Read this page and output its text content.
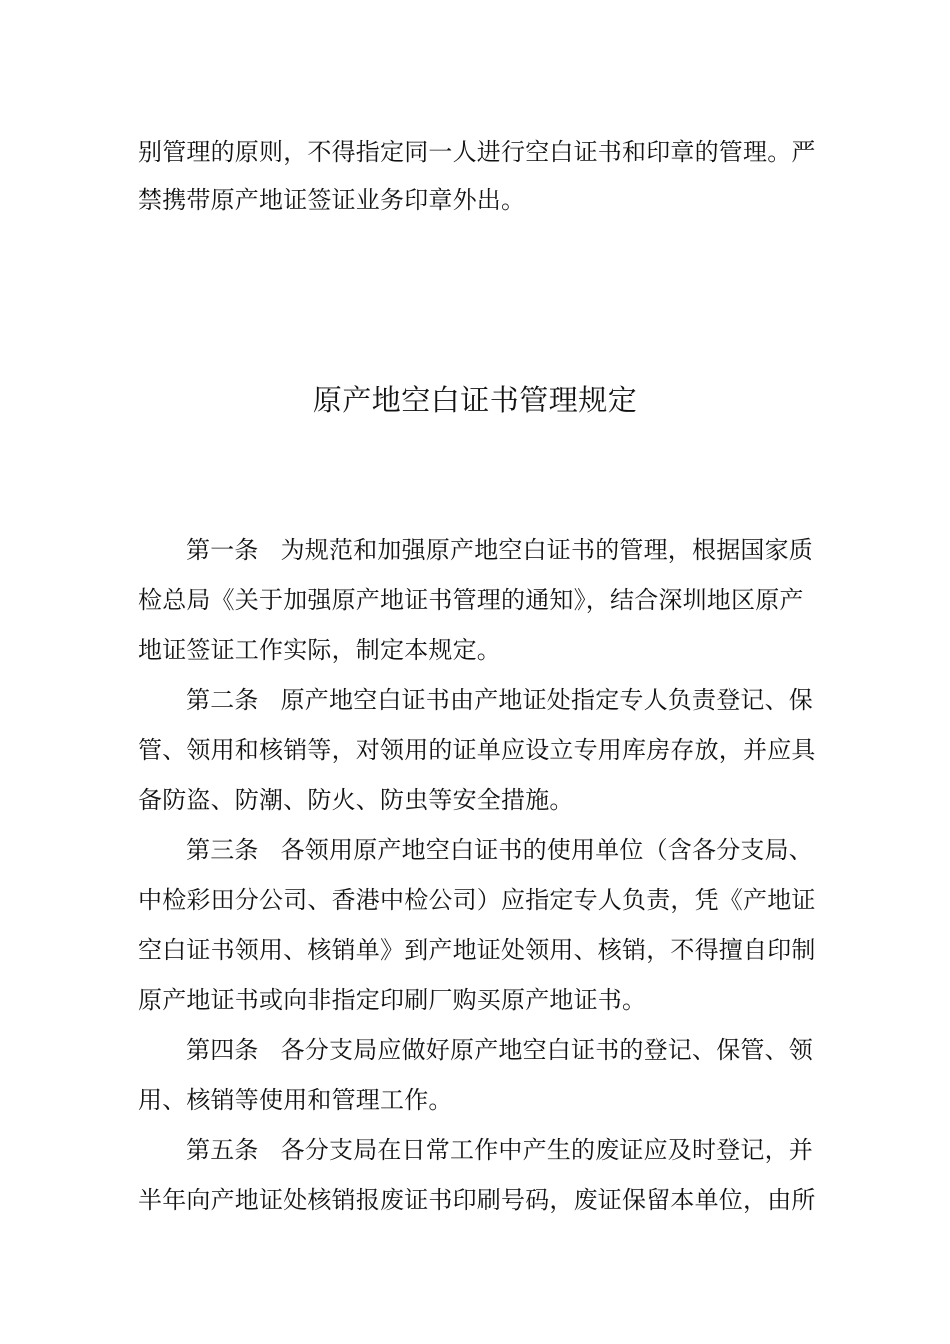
别管理的原则，不得指定同一人进行空白证书和印章的管理。严
禁携带原产地证签证业务印章外出。
原产地空白证书管理规定
第一条 为规范和加强原产地空白证书的管理，根据国家质
检总局《关于加强原产地证书管理的通知》，结合深圳地区原产
地证签证工作实际，制定本规定。
第二条 原产地空白证书由产地证处指定专人负责登记、保
管、领用和核销等，对领用的证单应设立专用库房存放，并应具
备防盗、防潮、防火、防虫等安全措施。
第三条 各领用原产地空白证书的使用单位（含各分支局、
中检彩田分公司、香港中检公司）应指定专人负责，凭《产地证
空白证书领用、核销单》到产地证处领用、核销，不得擅自印制
原产地证书或向非指定印刷厂购买原产地证书。
第四条 各分支局应做好原产地空白证书的登记、保管、领
用、核销等使用和管理工作。
第五条 各分支局在日常工作中产生的废证应及时登记，并
半年向产地证处核销报废证书印刷号码，废证保留本单位，由所
